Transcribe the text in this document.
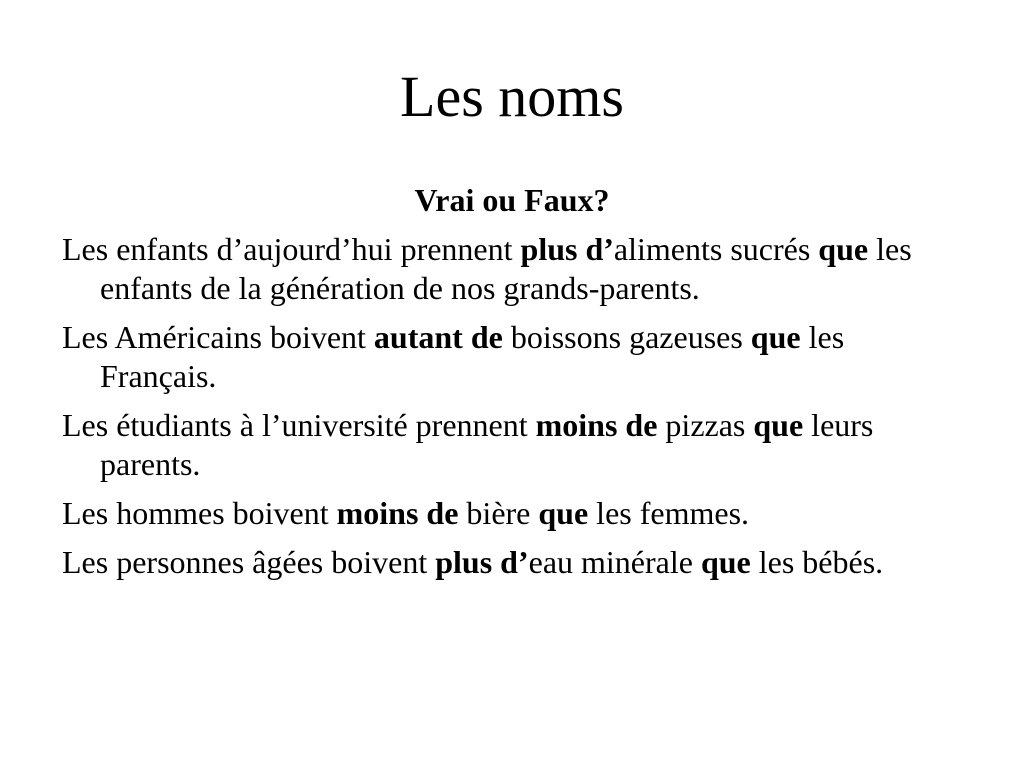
Les noms

Vrai ou Faux?

Les enfants d’aujourd’hui prennent plus d’aliments sucrés que les enfants de la génération de nos grands-parents.
Les Américains boivent autant de boissons gazeuses que les Français.
Les étudiants à l’université prennent moins de pizzas que leurs parents.
Les hommes boivent moins de bière que les femmes.
Les personnes âgées boivent plus d’eau minérale que les bébés.
